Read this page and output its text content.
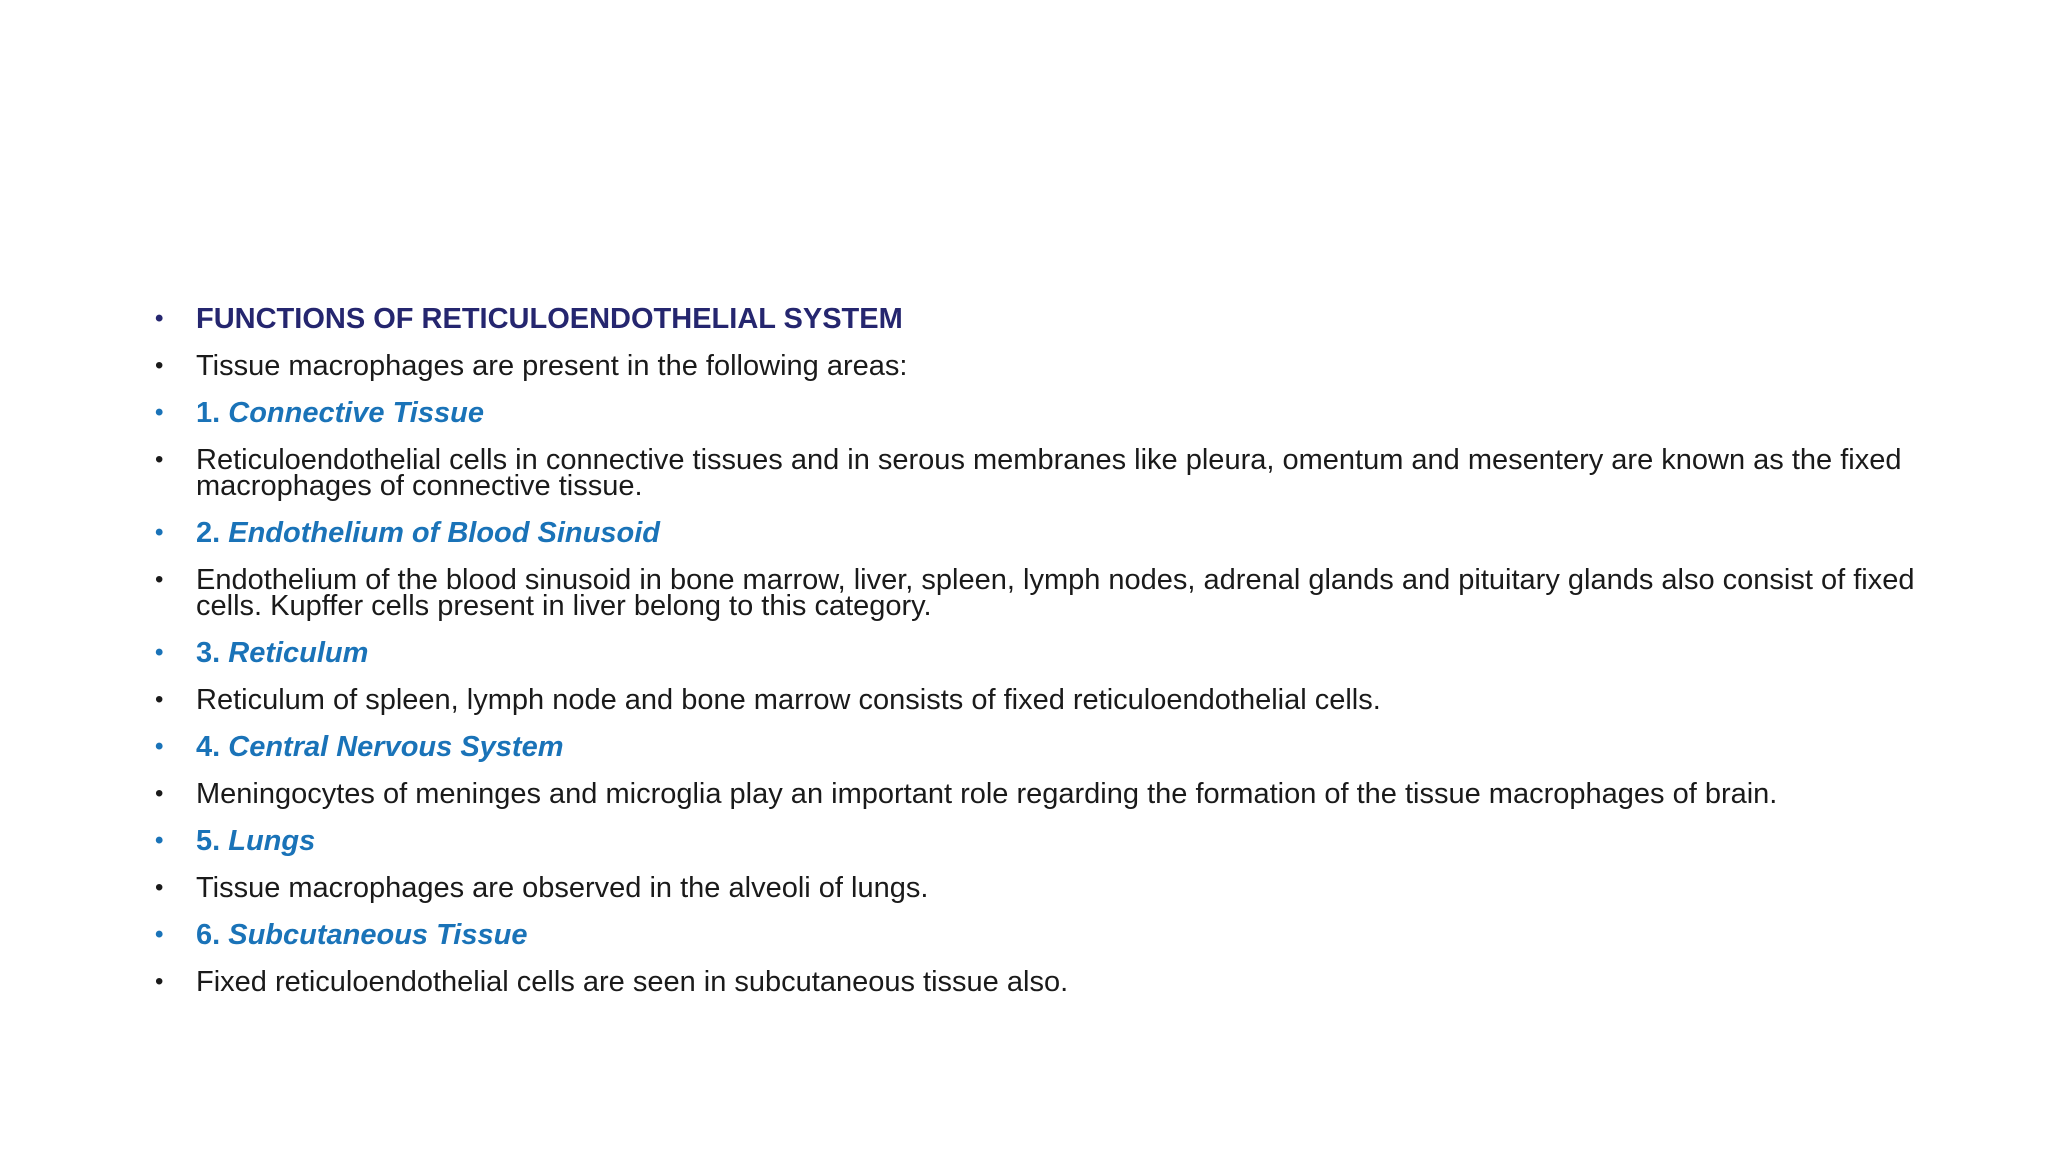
•	FUNCTIONS OF RETICULOENDOTHELIAL SYSTEM
•	Tissue macrophages are present in the following areas:
•	1. Connective Tissue
•	Reticuloendothelial cells in connective tissues and in serous membranes like pleura, omentum and mesentery are known as the fixed macrophages of connective tissue.
•	2. Endothelium of Blood Sinusoid
•	Endothelium of the blood sinusoid in bone marrow, liver, spleen, lymph nodes, adrenal glands and pituitary glands also consist of fixed cells. Kupffer cells present in liver belong to this category.
•	3. Reticulum
•	Reticulum of spleen, lymph node and bone marrow consists of fixed reticuloendothelial cells.
•	4. Central Nervous System
•	Meningocytes of meninges and microglia play an important role regarding the formation of the tissue macrophages of brain.
•	5. Lungs
•	Tissue macrophages are observed in the alveoli of lungs.
•	6. Subcutaneous Tissue
•	Fixed reticuloendothelial cells are seen in subcutaneous tissue also.
